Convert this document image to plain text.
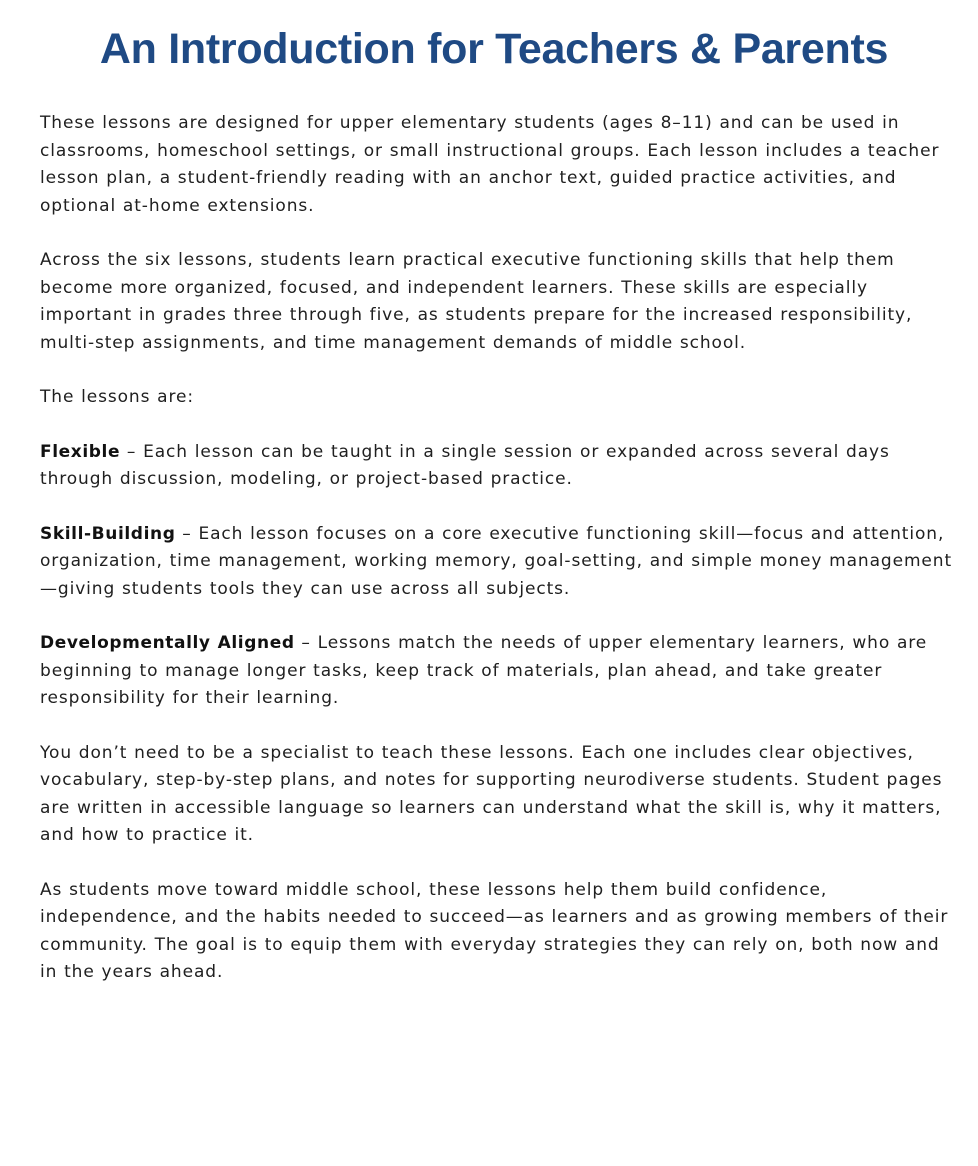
An Introduction for Teachers & Parents

These lessons are designed for upper elementary students (ages 8–11) and can be used in classrooms, homeschool settings, or small instructional groups. Each lesson includes a teacher lesson plan, a student-friendly reading with an anchor text, guided practice activities, and optional at-home extensions.

Across the six lessons, students learn practical executive functioning skills that help them become more organized, focused, and independent learners. These skills are especially important in grades three through five, as students prepare for the increased responsibility, multi-step assignments, and time management demands of middle school.

The lessons are:

Flexible – Each lesson can be taught in a single session or expanded across several days through discussion, modeling, or project-based practice.

Skill-Building – Each lesson focuses on a core executive functioning skill—focus and attention, organization, time management, working memory, goal-setting, and simple money management—giving students tools they can use across all subjects.

Developmentally Aligned – Lessons match the needs of upper elementary learners, who are beginning to manage longer tasks, keep track of materials, plan ahead, and take greater responsibility for their learning.

You don’t need to be a specialist to teach these lessons. Each one includes clear objectives, vocabulary, step-by-step plans, and notes for supporting neurodiverse students. Student pages are written in accessible language so learners can understand what the skill is, why it matters, and how to practice it.

As students move toward middle school, these lessons help them build confidence, independence, and the habits needed to succeed—as learners and as growing members of their community. The goal is to equip them with everyday strategies they can rely on, both now and in the years ahead.
